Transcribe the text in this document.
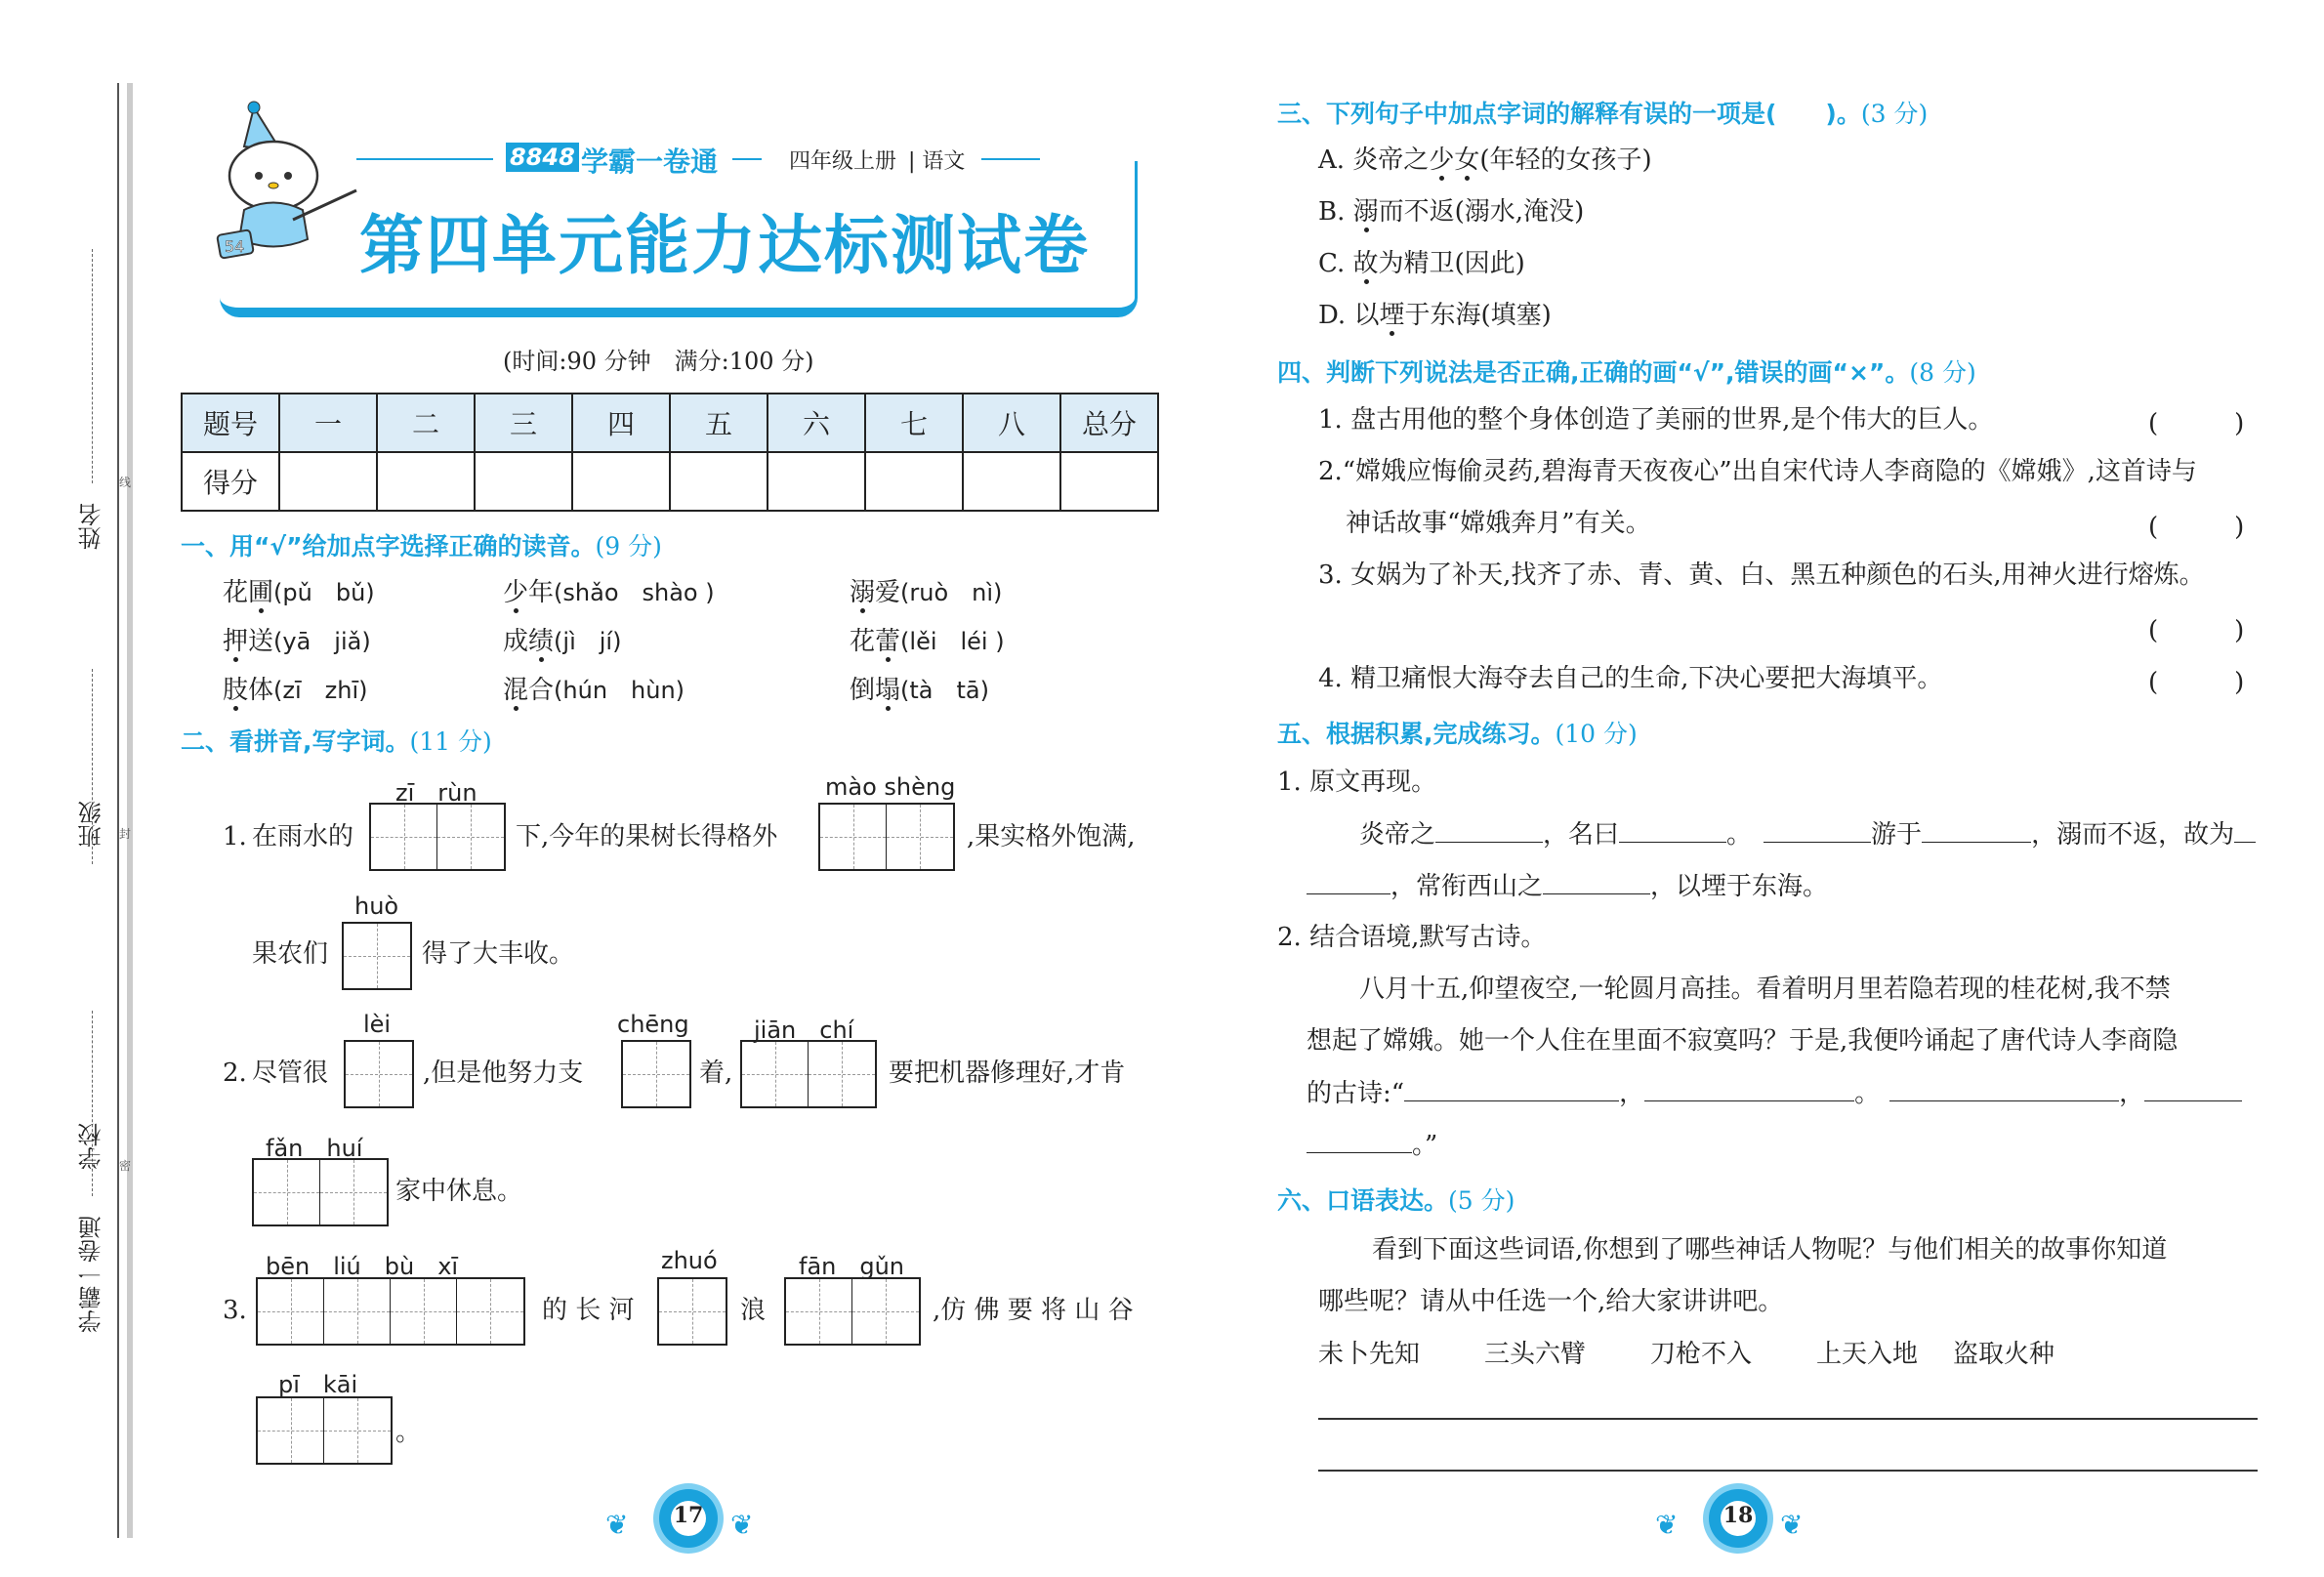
姓名
班级
学校
学霸一卷通
线
封
密
54
8848 学霸一卷通	四年级上册 | 语文
第四单元能力达标测试卷
(时间:90 分钟　满分:100 分)
题号	一	二	三	四	五	六	七	八	总分
得分									
一、用“√”给加点字选择正确的读音。(9 分)
花圃(pǔ　bǔ)	少年(shǎo　shào )	溺爱(ruò　nì)
押送(yā　jiǎ)	成绩(jì　jí)	花蕾(lěi　léi )
肢体(zī　zhī)	混合(hún　hùn)	倒塌(tà　tā)
二、看拼音,写字词。(11 分)
1. 在雨水的
zī　rùn
下,今年的果树长得格外
mào shèng
,果实格外饱满,
果农们
huò
得了大丰收。
2. 尽管很
lèi
,但是他努力支
chēng
着,
jiān　chí
要把机器修理好,才肯
fǎn　huí
家中休息。
3.
bēn　liú　bù　xī
的 长 河
zhuó
浪
fān　gǔn
,仿 佛 要 将 山 谷
pī　kāi
。
❦	17 ❦
三、下列句子中加点字词的解释有误的一项是(　　)。(3 分)
A. 炎帝之少女(年轻的女孩子)
B. 溺而不返(溺水,淹没)
C. 故为精卫(因此)
D. 以堙于东海(填塞)
四、判断下列说法是否正确,正确的画“√”,错误的画“×”。(8 分)
1. 盘古用他的整个身体创造了美丽的世界,是个伟大的巨人。	(　　　)
2.“嫦娥应悔偷灵药,碧海青天夜夜心”出自宋代诗人李商隐的《嫦娥》,这首诗与
神话故事“嫦娥奔月”有关。	(　　　)
3. 女娲为了补天,找齐了赤、青、黄、白、黑五种颜色的石头,用神火进行熔炼。
(　　　)
4. 精卫痛恨大海夺去自己的生命,下决心要把大海填平。	(　　　)
五、根据积累,完成练习。(10 分)
1. 原文再现。
炎帝之	，名曰	。	游于	，溺而不返，故为
，常衔西山之	，以堙于东海。
2. 结合语境,默写古诗。
八月十五,仰望夜空,一轮圆月高挂。看着明月里若隐若现的桂花树,我不禁
想起了嫦娥。她一个人住在里面不寂寞吗？于是,我便吟诵起了唐代诗人李商隐
的古诗:“	，	。	，
。”
六、口语表达。(5 分)
看到下面这些词语,你想到了哪些神话人物呢？与他们相关的故事你知道
哪些呢？请从中任选一个,给大家讲讲吧。
未卜先知	三头六臂	刀枪不入	上天入地 盗取火种
❦	18 ❦
